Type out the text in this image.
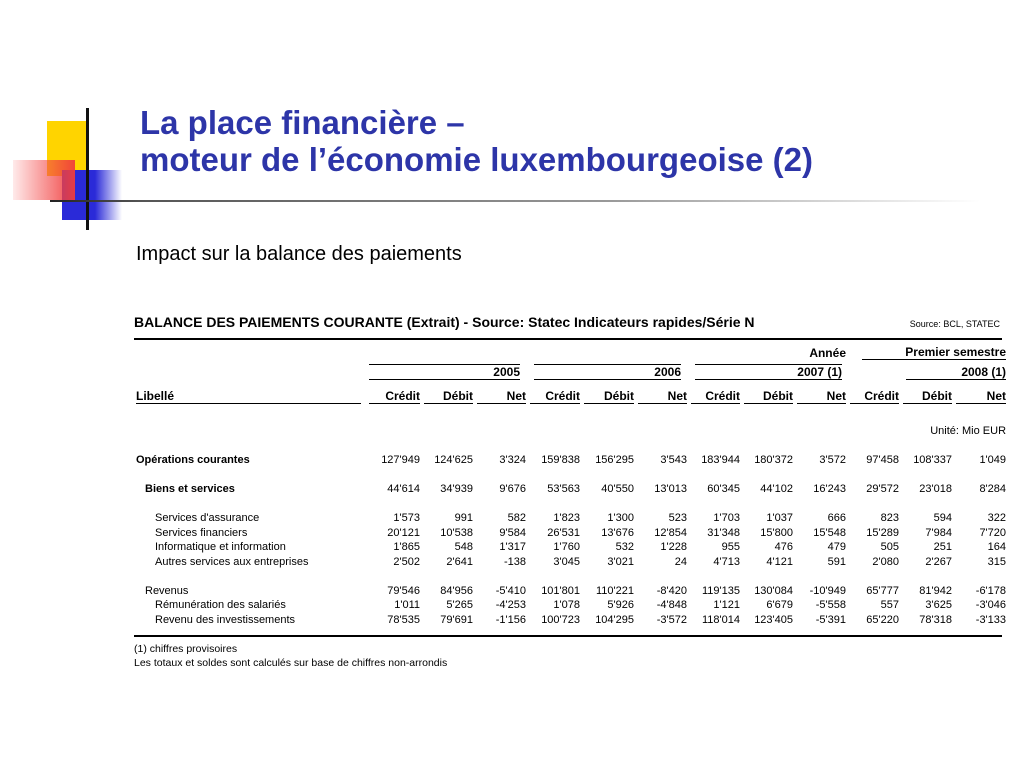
La place financière –
moteur de l’économie luxembourgeoise (2)
Impact sur la balance des paiements
BALANCE DES PAIEMENTS COURANTE (Extrait) - Source: Statec Indicateurs rapides/Série N	Source: BCL, STATEC
									Année	Premier semestre		

	2005			2006			2007 (1)			2008 (1)		

Libellé	Crédit	Débit	Net	Crédit	Débit	Net	Crédit	Débit	Net	Crédit	Débit	Net

Unité: Mio EUR												

Opérations courantes	127'949	124'625	3'324	159'838	156'295	3'543	183'944	180'372	3'572	97'458	108'337	1'049

Biens et services	44'614	34'939	9'676	53'563	40'550	13'013	60'345	44'102	16'243	29'572	23'018	8'284

Services d'assurance	1'573	991	582	1'823	1'300	523	1'703	1'037	666	823	594	322
Services financiers	20'121	10'538	9'584	26'531	13'676	12'854	31'348	15'800	15'548	15'289	7'984	7'720
Informatique et information	1'865	548	1'317	1'760	532	1'228	955	476	479	505	251	164
Autres services aux entreprises	2'502	2'641	-138	3'045	3'021	24	4'713	4'121	591	2'080	2'267	315

Revenus	79'546	84'956	-5'410	101'801	110'221	-8'420	119'135	130'084	-10'949	65'777	81'942	-6'178
Rémunération des salariés	1'011	5'265	-4'253	1'078	5'926	-4'848	1'121	6'679	-5'558	557	3'625	-3'046
Revenu des investissements	78'535	79'691	-1'156	100'723	104'295	-3'572	118'014	123'405	-5'391	65'220	78'318	-3'133
(1) chiffres provisoires
Les totaux et soldes sont calculés sur base de chiffres non-arrondis
